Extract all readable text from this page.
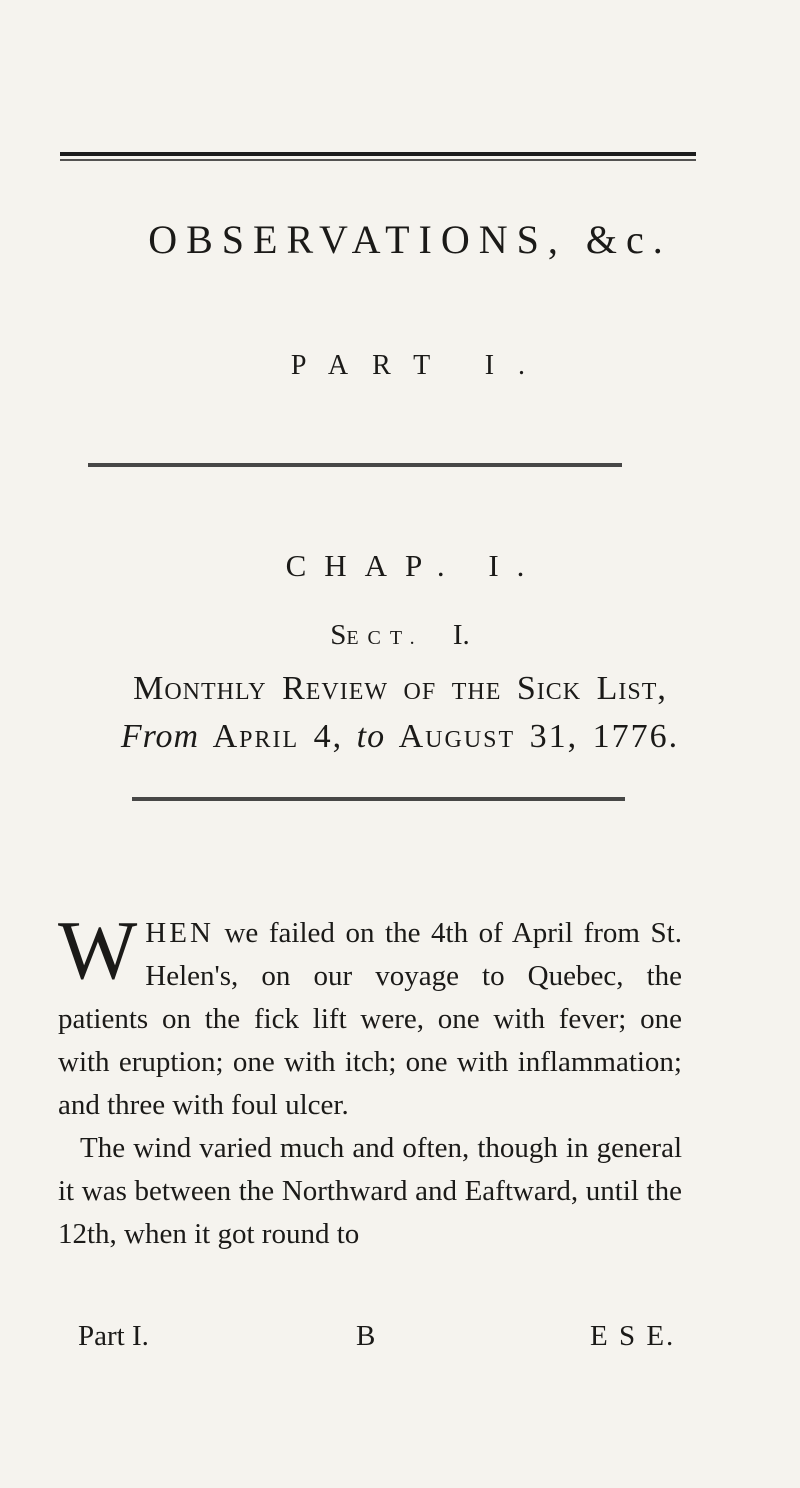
OBSERVATIONS, &c.
PART I.
CHAP. I.
SECT. I.

Monthly Review of the Sick List,

From April 4, to August 31, 1776.

WHEN we failed on the 4th of April from St. Helen's, on our voyage to Quebec, the patients on the fick lift were, one with fever; one with eruption; one with itch; one with inflammation; and three with foul ulcer.

The wind varied much and often, though in general it was between the Northward and Eaftward, until the 12th, when it got round to

Part I.	B	E S E.
